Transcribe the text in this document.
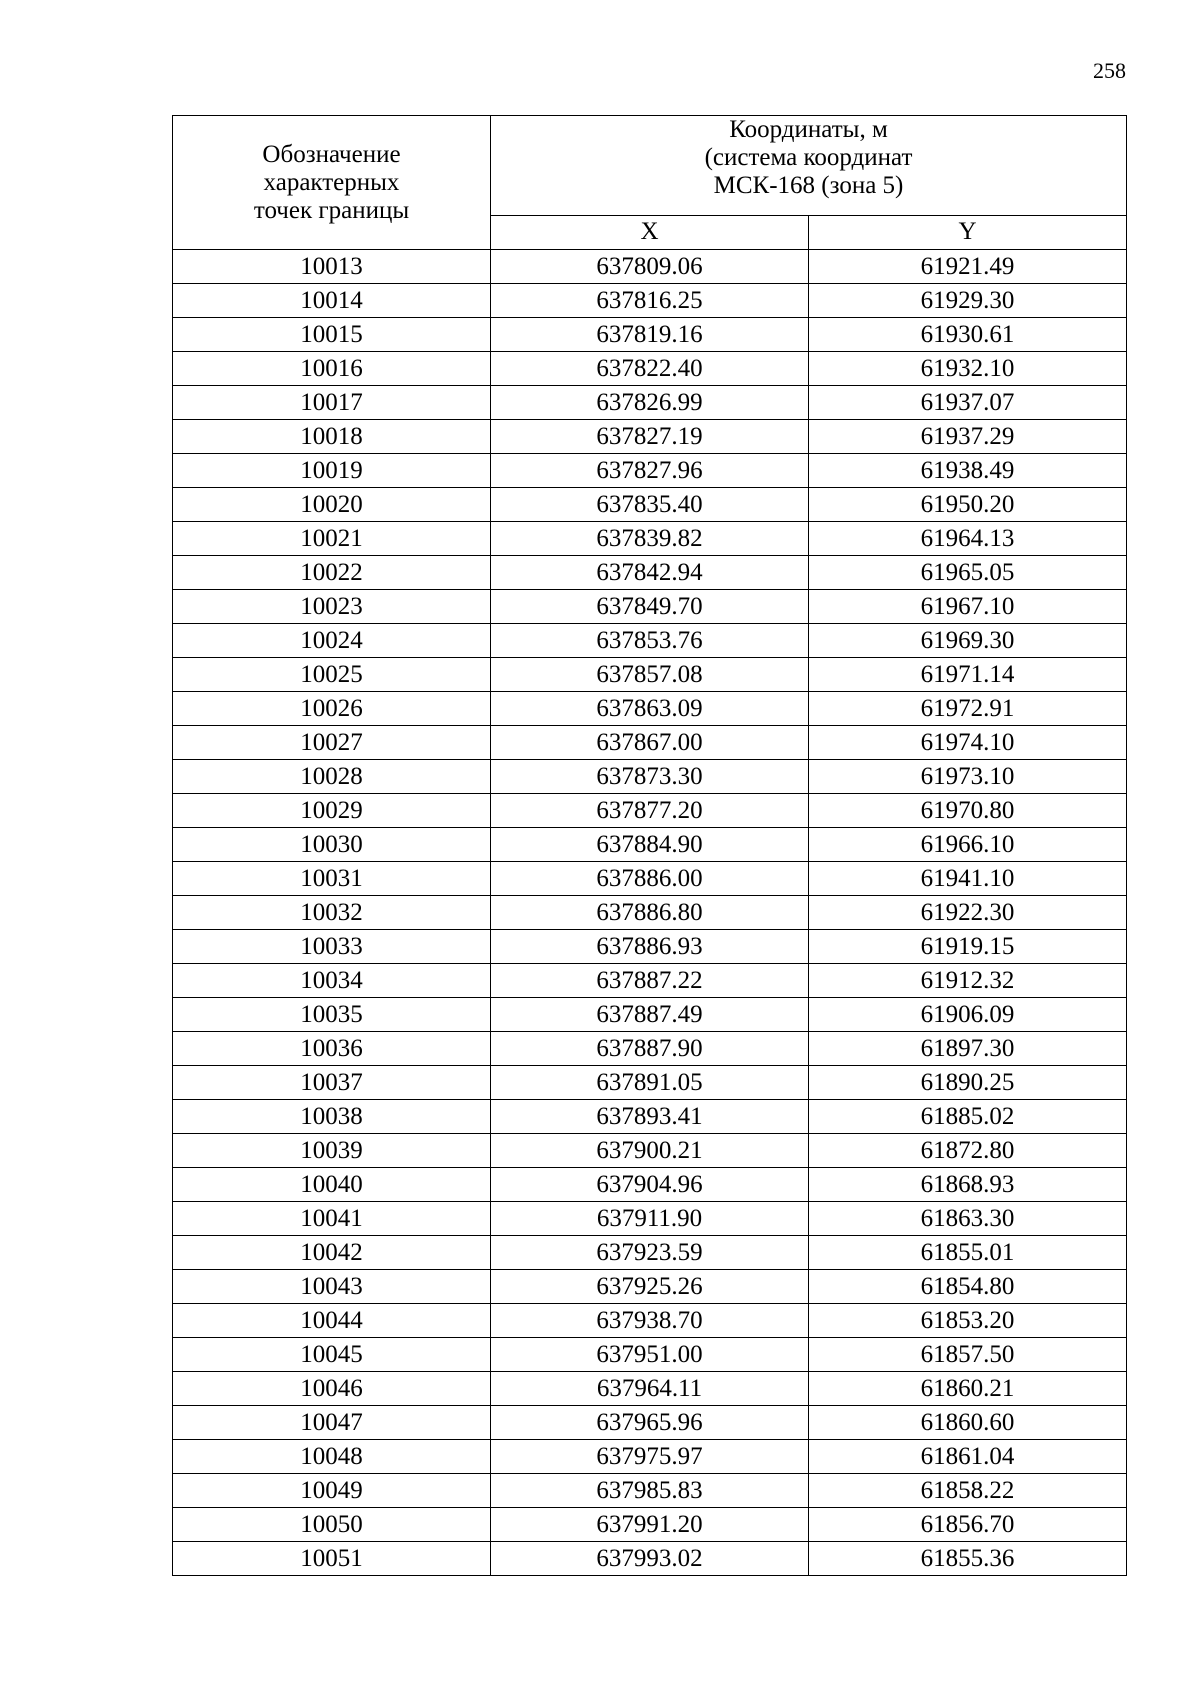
258
Обозначение
характерных
точек границы	Координаты, м
(система координат
МСК-168 (зона 5)	

	X	Y
10013	637809.06	61921.49
10014	637816.25	61929.30
10015	637819.16	61930.61
10016	637822.40	61932.10
10017	637826.99	61937.07
10018	637827.19	61937.29
10019	637827.96	61938.49
10020	637835.40	61950.20
10021	637839.82	61964.13
10022	637842.94	61965.05
10023	637849.70	61967.10
10024	637853.76	61969.30
10025	637857.08	61971.14
10026	637863.09	61972.91
10027	637867.00	61974.10
10028	637873.30	61973.10
10029	637877.20	61970.80
10030	637884.90	61966.10
10031	637886.00	61941.10
10032	637886.80	61922.30
10033	637886.93	61919.15
10034	637887.22	61912.32
10035	637887.49	61906.09
10036	637887.90	61897.30
10037	637891.05	61890.25
10038	637893.41	61885.02
10039	637900.21	61872.80
10040	637904.96	61868.93
10041	637911.90	61863.30
10042	637923.59	61855.01
10043	637925.26	61854.80
10044	637938.70	61853.20
10045	637951.00	61857.50
10046	637964.11	61860.21
10047	637965.96	61860.60
10048	637975.97	61861.04
10049	637985.83	61858.22
10050	637991.20	61856.70
10051	637993.02	61855.36
